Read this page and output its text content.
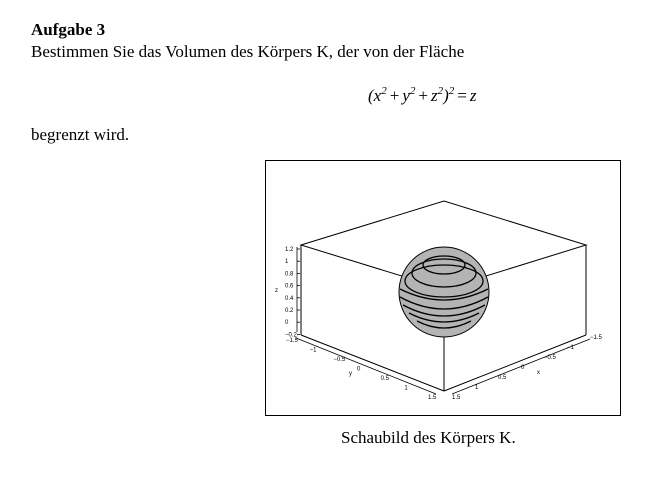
Aufgabe 3
Bestimmen Sie das Volumen des Körpers K, der von der Fläche
$(x^2 + y^2 + z^2)^2 = z$
begrenzt wird.
1.2
1
0.8
0.6
0.4
0.2
0
−0.2
z
−1.5
−1
−0.5
0
0.5
1
1.5
y
1.5
1
0.5
0
−0.5
−1
−1.5
x
Schaubild des Körpers K.
